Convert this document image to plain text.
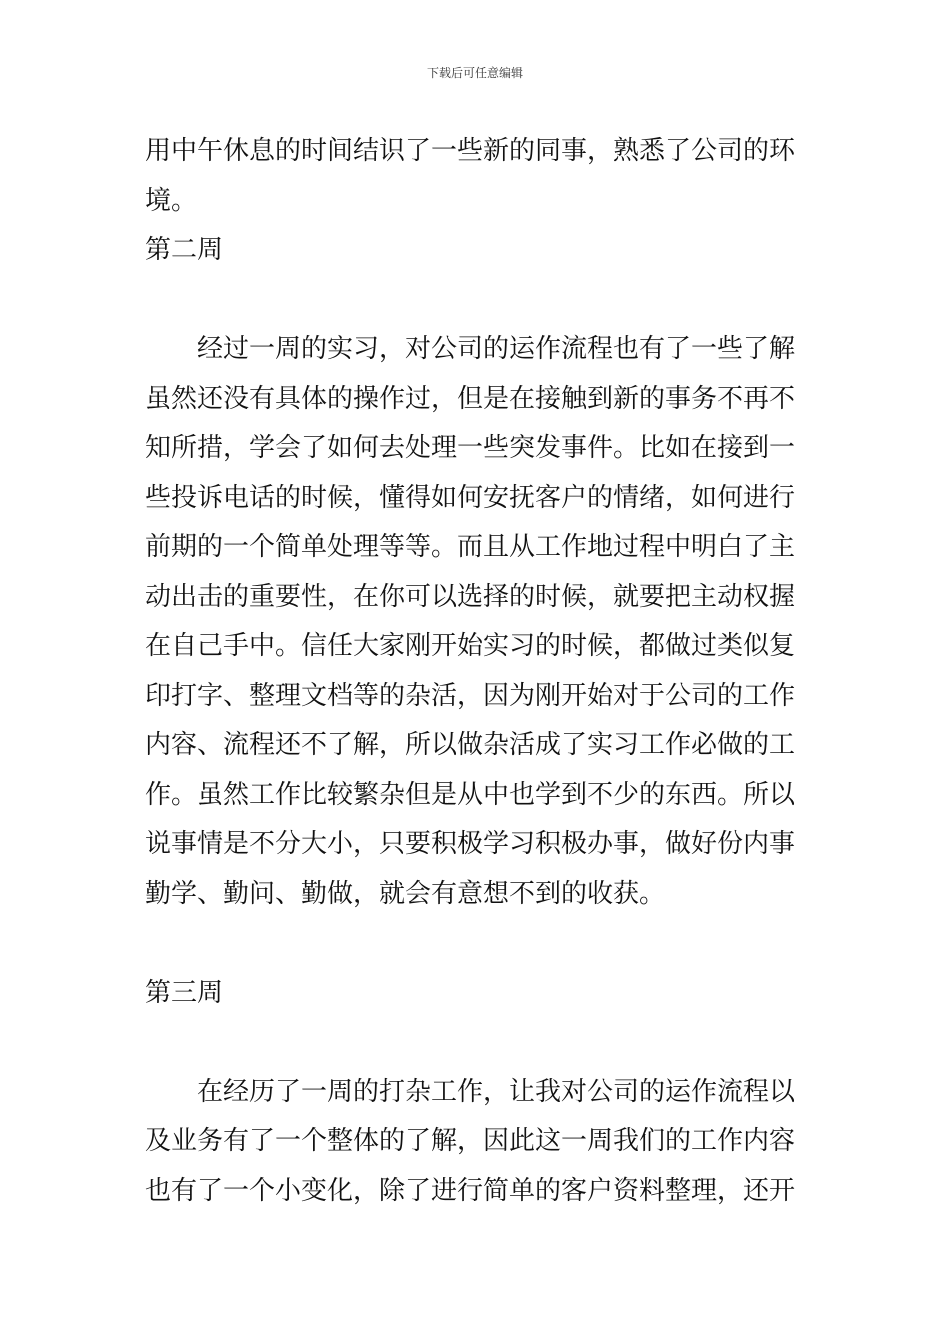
下载后可任意编辑
用中午休息的时间结识了一些新的同事，熟悉了公司的环
境。
第二周
经过一周的实习，对公司的运作流程也有了一些了解
虽然还没有具体的操作过，但是在接触到新的事务不再不
知所措，学会了如何去处理一些突发事件。比如在接到一
些投诉电话的时候，懂得如何安抚客户的情绪，如何进行
前期的一个简单处理等等。而且从工作地过程中明白了主
动出击的重要性，在你可以选择的时候，就要把主动权握
在自己手中。信任大家刚开始实习的时候，都做过类似复
印打字、整理文档等的杂活，因为刚开始对于公司的工作
内容、流程还不了解，所以做杂活成了实习工作必做的工
作。虽然工作比较繁杂但是从中也学到不少的东西。所以
说事情是不分大小，只要积极学习积极办事，做好份内事
勤学、勤问、勤做，就会有意想不到的收获。
第三周
在经历了一周的打杂工作，让我对公司的运作流程以
及业务有了一个整体的了解，因此这一周我们的工作内容
也有了一个小变化，除了进行简单的客户资料整理，还开
